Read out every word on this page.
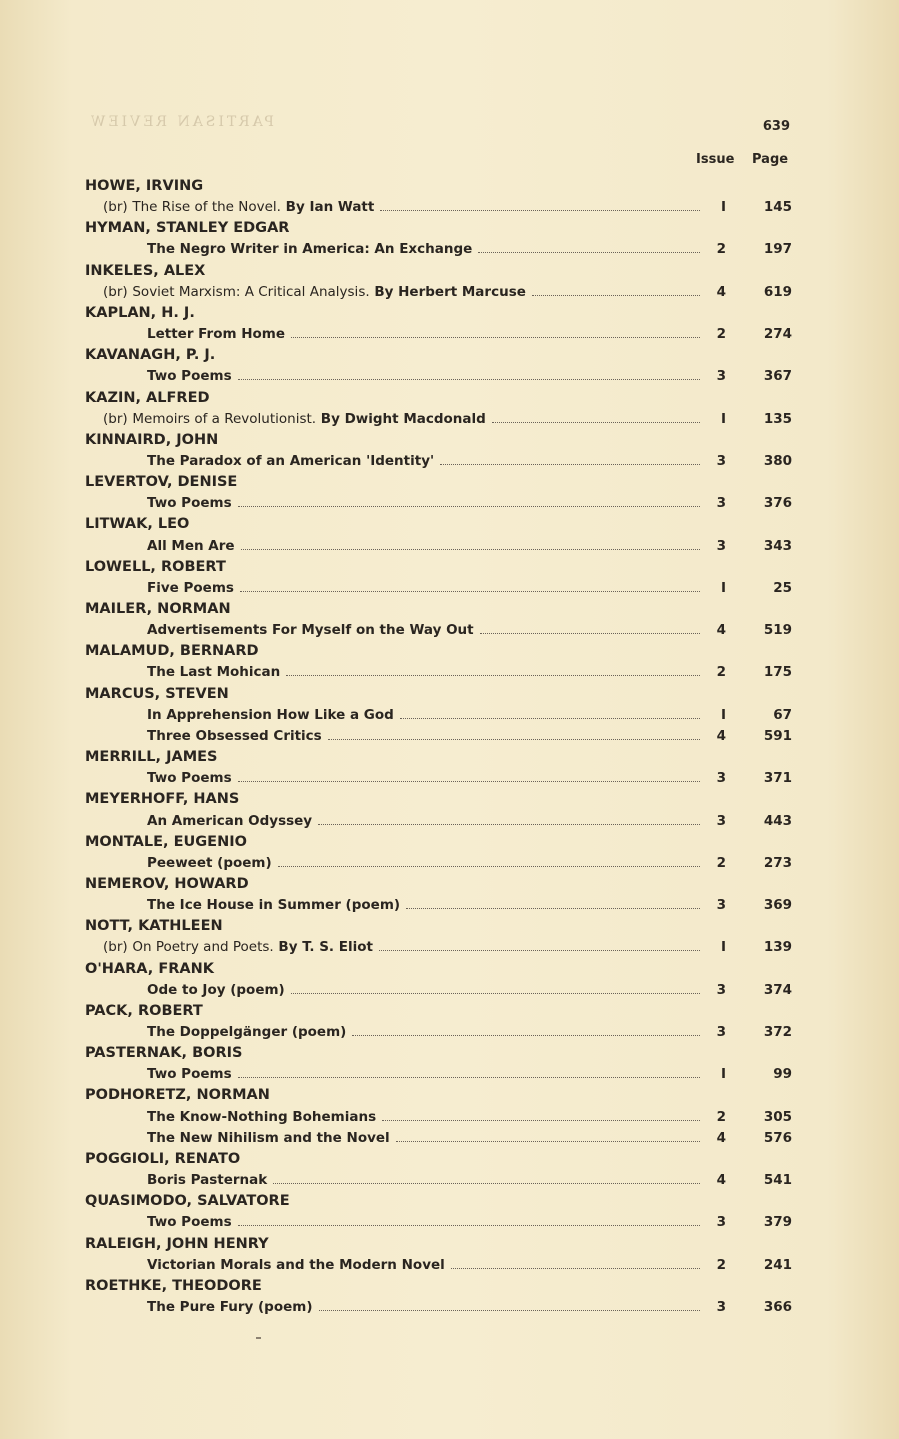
PARTISAN REVIEW	639
Issue Page
HOWE, IRVING
(br) The Rise of the Novel. By Ian Watt	I	145
HYMAN, STANLEY EDGAR
The Negro Writer in America: An Exchange	2	197
INKELES, ALEX
(br) Soviet Marxism: A Critical Analysis. By Herbert Marcuse	4	619
KAPLAN, H. J.
Letter From Home	2	274
KAVANAGH, P. J.
Two Poems	3	367
KAZIN, ALFRED
(br) Memoirs of a Revolutionist. By Dwight Macdonald	I	135
KINNAIRD, JOHN
The Paradox of an American 'Identity'	3	380
LEVERTOV, DENISE
Two Poems	3	376
LITWAK, LEO
All Men Are	3	343
LOWELL, ROBERT
Five Poems	I	25
MAILER, NORMAN
Advertisements For Myself on the Way Out	4	519
MALAMUD, BERNARD
The Last Mohican	2	175
MARCUS, STEVEN
In Apprehension How Like a God	I	67
Three Obsessed Critics	4	591
MERRILL, JAMES
Two Poems	3	371
MEYERHOFF, HANS
An American Odyssey	3	443
MONTALE, EUGENIO
Peeweet (poem)	2	273
NEMEROV, HOWARD
The Ice House in Summer (poem)	3	369
NOTT, KATHLEEN
(br) On Poetry and Poets. By T. S. Eliot	I	139
O'HARA, FRANK
Ode to Joy (poem)	3	374
PACK, ROBERT
The Doppelgänger (poem)	3	372
PASTERNAK, BORIS
Two Poems	I	99
PODHORETZ, NORMAN
The Know-Nothing Bohemians	2	305
The New Nihilism and the Novel	4	576
POGGIOLI, RENATO
Boris Pasternak	4	541
QUASIMODO, SALVATORE
Two Poems	3	379
RALEIGH, JOHN HENRY
Victorian Morals and the Modern Novel	2	241
ROETHKE, THEODORE
The Pure Fury (poem)	3	366
